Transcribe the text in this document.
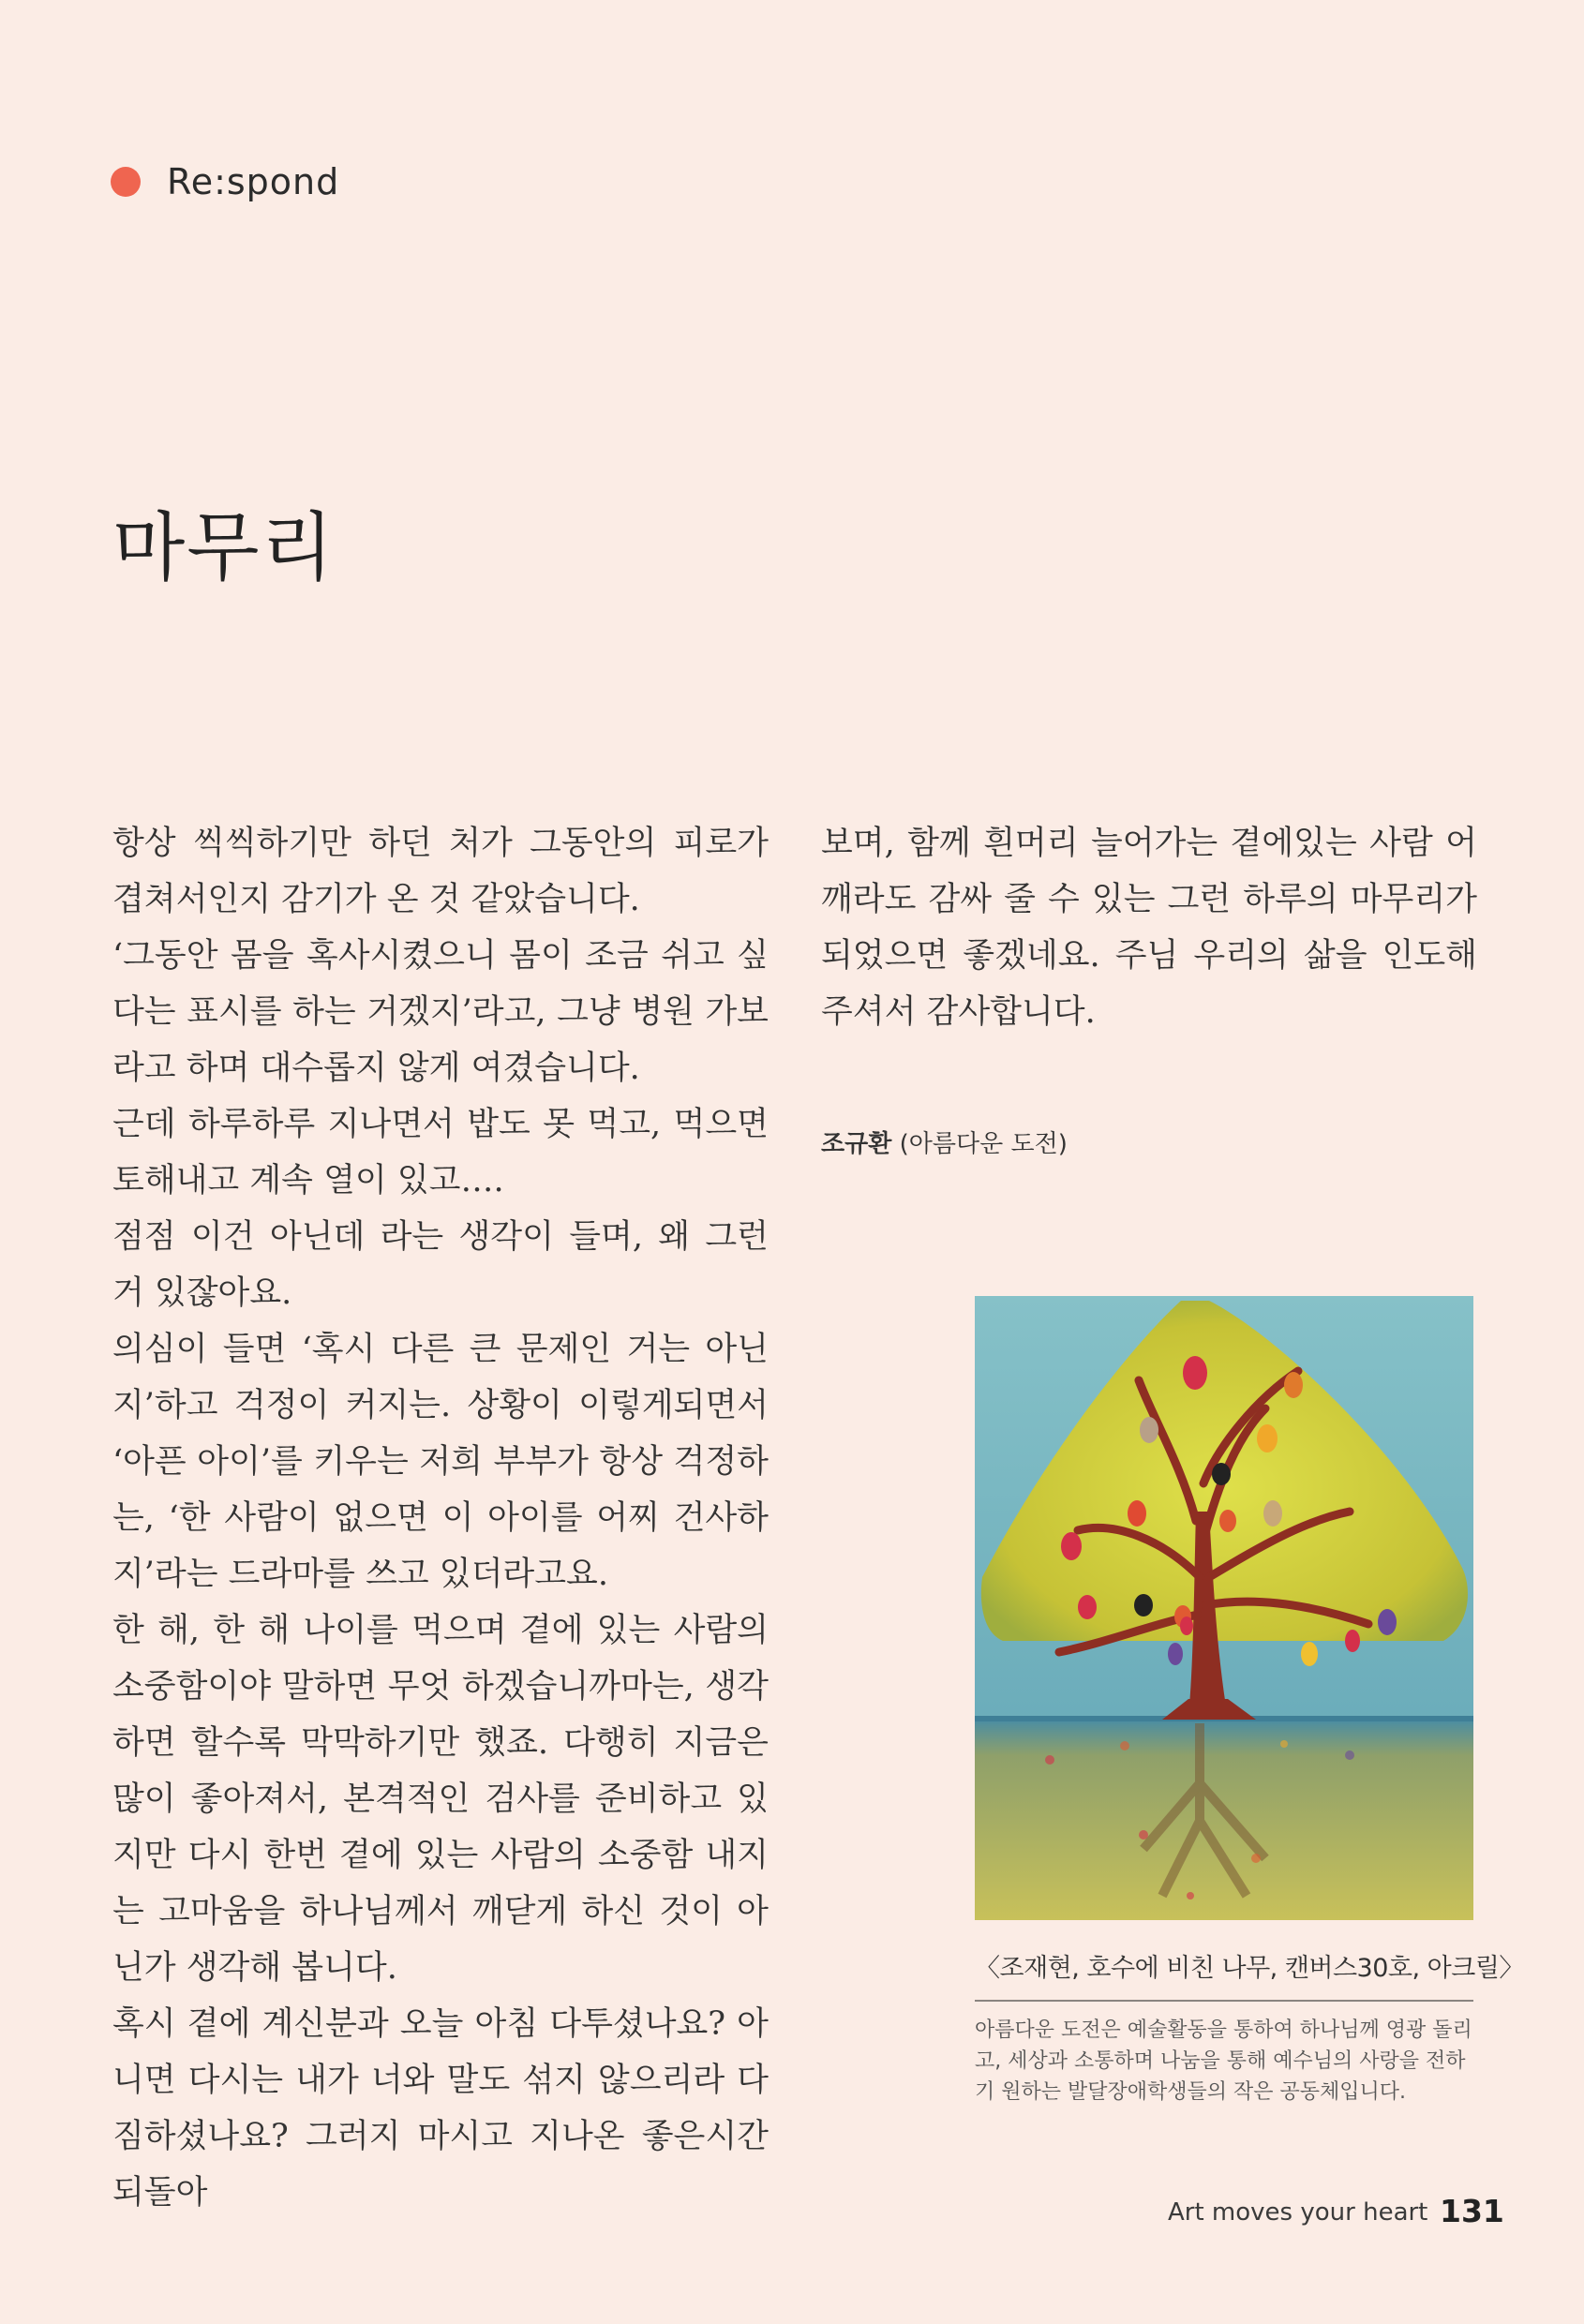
Re:spond
마무리

항상 씩씩하기만 하던 처가 그동안의 피로가 겹쳐서인지 감기가 온 것 같았습니다.

‘그동안 몸을 혹사시켰으니 몸이 조금 쉬고 싶다는 표시를 하는 거겠지’라고, 그냥 병원 가보라고 하며 대수롭지 않게 여겼습니다.

근데 하루하루 지나면서 밥도 못 먹고, 먹으면 토해내고 계속 열이 있고….

점점 이건 아닌데 라는 생각이 들며, 왜 그런 거 있잖아요.

의심이 들면 ‘혹시 다른 큰 문제인 거는 아닌지’하고 걱정이 커지는. 상황이 이렇게되면서 ‘아픈 아이’를 키우는 저희 부부가 항상 걱정하는, ‘한 사람이 없으면 이 아이를 어찌 건사하지’라는 드라마를 쓰고 있더라고요.

한 해, 한 해 나이를 먹으며 곁에 있는 사람의 소중함이야 말하면 무엇 하겠습니까마는, 생각하면 할수록 막막하기만 했죠. 다행히 지금은 많이 좋아져서, 본격적인 검사를 준비하고 있지만 다시 한번 곁에 있는 사람의 소중함 내지는 고마움을 하나님께서 깨닫게 하신 것이 아닌가 생각해 봅니다.

혹시 곁에 계신분과 오늘 아침 다투셨나요? 아니면 다시는 내가 너와 말도 섞지 않으리라 다짐하셨나요? 그러지 마시고 지나온 좋은시간 되돌아

보며, 함께 흰머리 늘어가는 곁에있는 사람 어깨라도 감싸 줄 수 있는 그런 하루의 마무리가 되었으면 좋겠네요. 주님 우리의 삶을 인도해 주셔서 감사합니다.

조규환 (아름다운 도전)
〈조재현, 호수에 비친 나무, 캔버스30호, 아크릴〉

아름다운 도전은 예술활동을 통하여 하나님께 영광 돌리고, 세상과 소통하며 나눔을 통해 예수님의 사랑을 전하기 원하는 발달장애학생들의 작은 공동체입니다.

Art moves your heart 131
